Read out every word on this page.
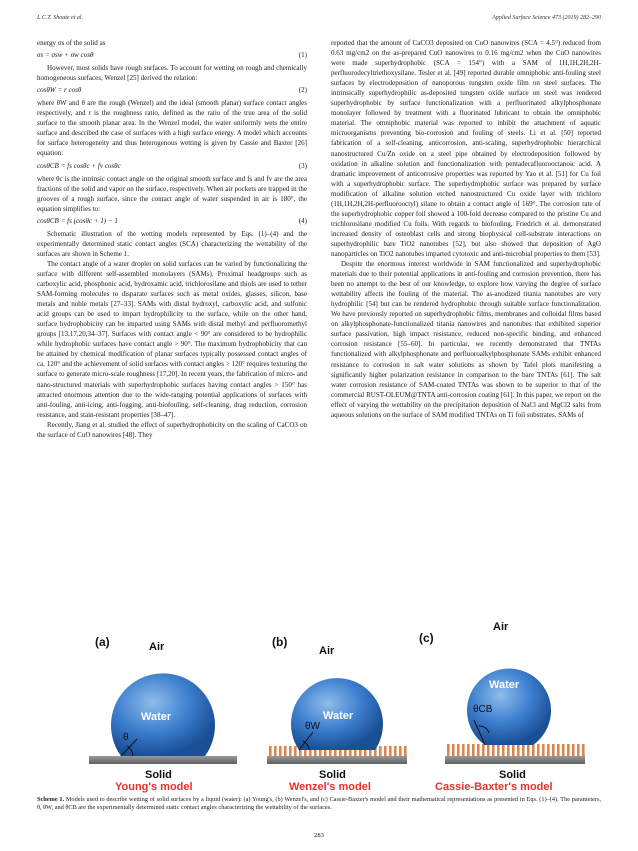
L.C.T. Shoute et al.	Applied Surface Science 473 (2019) 282–290

energy σs of the solid as

σs = σsw + σw cosθ	(1)

However, most solids have rough surfaces. To account for wetting on rough and chemically homogeneous surfaces, Wenzel [25] derived the relation:

cosθW = r cosθ	(2)

where θW and θ are the rough (Wenzel) and the ideal (smooth planar) surface contact angles respectively, and r is the roughness ratio, defined as the ratio of the true area of the solid surface to the smooth planar area. In the Wenzel model, the water uniformly wets the entire surface and described the case of surfaces with a high surface energy. A model which accounts for surface heterogeneity and thus heterogenous wetting is given by Cassie and Baxter [26] equation:

cosθCB = fs cosθc + fv cosθc	(3)

where θc is the intrinsic contact angle on the original smooth surface and fs and fv are the area fractions of the solid and vapor on the surface, respectively. When air pockets are trapped in the grooves of a rough surface, since the contact angle of water suspended in air is 180°, the equation simplifies to:

cosθCB = fs (cosθc + 1) − 1	(4)

Schematic illustration of the wetting models represented by Eqs. (1)–(4) and the experimentally determined static contact angles (SCA) characterizing the wettability of the surfaces are shown in Scheme 1.

The contact angle of a water droplet on solid surfaces can be varied by functionalizing the surface with different self-assembled monolayers (SAMs). Proximal headgroups such as carboxylic acid, phosphonic acid, hydroxamic acid, trichlorosilane and thiols are used to tether SAM-forming molecules to disparate surfaces such as metal oxides, glasses, silicon, base metals and noble metals [27–33]. SAMs with distal hydroxyl, carboxylic acid, and sulfonic acid groups can be used to impart hydrophilicity to the surface, while on the other hand, surface hydrophobicity can be imparted using SAMs with distal methyl and perfluoromethyl groups [13,17,20,34–37]. Surfaces with contact angle < 90° are considered to be hydrophilic while hydrophobic surfaces have contact angle > 90°. The maximum hydrophobicity that can be attained by chemical modification of planar surfaces typically possessed contact angles of ca. 120° and the achievement of solid surfaces with contact angles > 120° requires texturing the surface to generate micro-scale roughness [17,20]. In recent years, the fabrication of micro- and nano-structured materials with superhydrophobic surfaces having contact angles > 150° has attracted enormous attention due to the wide-ranging potential applications of surfaces with anti-fouling, anti-icing, anti-fogging, anti-biofouling, self-cleaning, drag reduction, corrosion resistance, and stain-resistant properties [38–47].

Recently, Jiang et al. studied the effect of superhydrophobicity on the scaling of CaCO3 on the surface of CuO nanowires [48]. They

reported that the amount of CaCO3 deposited on CuO nanowires (SCA = 4.5°) reduced from 0.63 mg/cm2 on the as-prepared CuO nanowires to 0.16 mg/cm2 when the CuO nanowires were made superhydrophobic (SCA = 154°) with a SAM of 1H,1H,2H,2H-perfluorodecyltriethoxysilane. Tesler et al. [49] reported durable omniphobic anti-fouling steel surfaces by electrodeposition of nanoporous tungsten oxide film on steel surfaces. The intrinsically superhydrophilic as-deposited tungsten oxide surface on steel was rendered superhydrophobic by surface functionalization with a perfluorinated alkylphosphonate monolayer followed by treatment with a fluorinated lubricant to obtain the omniphobic material. The omniphobic material was reported to inhibit the attachment of aquatic microorganisms preventing bio-corrosion and fouling of steels. Li et al. [50] reported fabrication of a self-cleaning, anticorrosion, anti-scaling, superhydrophobic hierarchical nanostructured Cu/Zn oxide on a steel pipe obtained by electrodeposition followed by oxidation in alkaline solution and functionalization with pentadecafluorooctanoic acid. A dramatic improvement of anticorrosive properties was reported by Yao et al. [51] for Cu foil with a superhydrophobic surface. The superhydrophobic surface was prepared by surface modification of alkaline solution etched nanostructured Cu oxide layer with trichloro (1H,1H,2H,2H-perfluorooctyl) silane to obtain a contact angle of 169°. The corrosion rate of the superhydrophobic copper foil showed a 100-fold decrease compared to the pristine Cu and trichlorosilane modified Cu foils. With regards to biofouling, Friedrich et al. demonstrated increased density of osteoblast cells and strong biophysical cell-substrate interactions on superhydrophilic bare TiO2 nanotubes [52], but also showed that deposition of AgO nanoparticles on TiO2 nanotubes imparted cytotoxic and anti-microbial properties to them [53].

Despite the enormous interest worldwide in SAM functionalized and superhydrophobic materials due to their potential applications in anti-fouling and corrosion prevention, there has been no attempt to the best of our knowledge, to explore how varying the degree of surface wettability affects the fouling of the material. The as-anodized titania nanotubes are very hydrophilic [54] but can be rendered hydrophobic through suitable surface functionalization. We have previously reported on superhydrophobic films, membranes and colloidal films based on alkylphosphonate-functionalized titania nanowires and nanotubes that exhibited superior surface passivation, high impact resistance, reduced non-specific binding, and enhanced corrosion resistance [55–60]. In particular, we recently demonstrated that TNTAs functionalized with alkylphosphonate and perfluoroalkylphosphonate SAMs exhibit enhanced resistance to corrosion in salt water solutions as shown by Tafel plots manifesting a significantly higher polarization resistance in comparison to the bare TNTAs [61]. The salt water corrosion resistance of SAM-coated TNTAs was shown to be superior to that of the commercial RUST-OLEUM@TNTA anti-corrosion coating [61]. In this paper, we report on the effect of varying the wettability on the precipitation deposition of NaCl and MgCl2 salts from aqueous solutions on the surface of SAM modified TNTAs on Ti foil substrates. SAMs of

(a)	Air
Water
θ
Solid
Young's model
(b)
Air
Water
θW
Solid
Wenzel's model
(c)
Air
Water
θCB
Solid
Cassie-Baxter's model
Scheme 1. Models used to describe wetting of solid surfaces by a liquid (water): (a) Young's, (b) Wenzel's, and (c) Cassie-Baxter's model and their mathematical representations as presented in Eqs. (1)–(4). The parameters, θ, θW, and θCB are the experimentally determined static contact angles characterizing the wettability of the surfaces.
283
